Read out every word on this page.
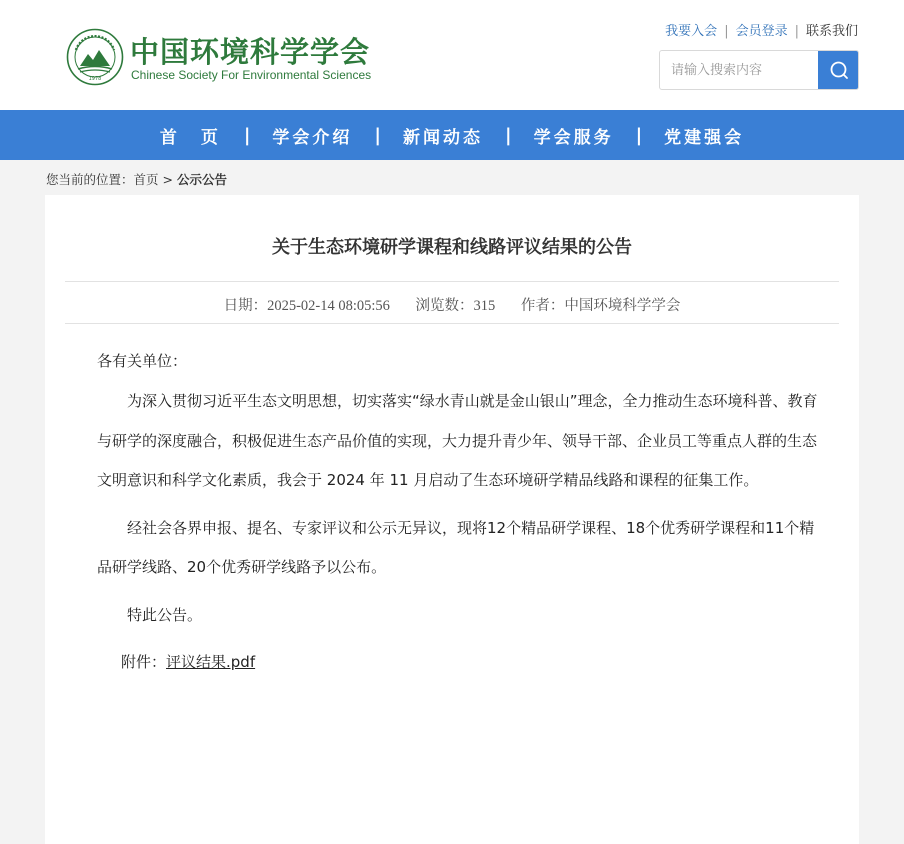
1978
中国环境科学学会
Chinese Society For Environmental Sciences
我要入会 | 会员登录 | 联系我们
请输入搜索内容
首页 | 学会介绍 | 新闻动态 | 学会服务 | 党建强会
您当前的位置：首页 > 公示公告
关于生态环境研学课程和线路评议结果的公告
日期：2025-02-14 08:05:56 浏览数：315 作者：中国环境科学学会

各有关单位：

为深入贯彻习近平生态文明思想，切实落实“绿水青山就是金山银山”理念，全力推动生态环境科普、教育与研学的深度融合，积极促进生态产品价值的实现，大力提升青少年、领导干部、企业员工等重点人群的生态文明意识和科学文化素质，我会于 2024 年 11 月启动了生态环境研学精品线路和课程的征集工作。

经社会各界申报、提名、专家评议和公示无异议，现将12个精品研学课程、18个优秀研学课程和11个精品研学线路、20个优秀研学线路予以公布。

特此公告。

附件：评议结果.pdf
